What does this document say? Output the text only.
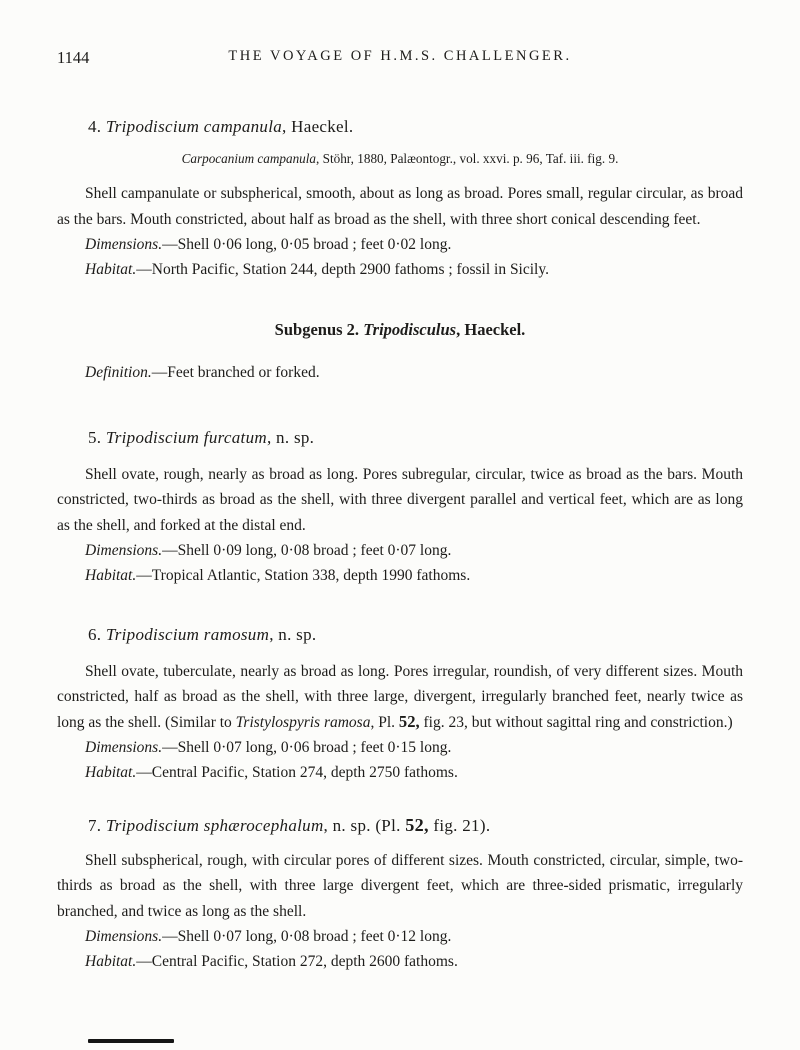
1144	THE VOYAGE OF H.M.S. CHALLENGER.
4. Tripodiscium campanula, Haeckel.

Carpocanium campanula, Stöhr, 1880, Palæontogr., vol. xxvi. p. 96, Taf. iii. fig. 9.

Shell campanulate or subspherical, smooth, about as long as broad. Pores small, regular circular, as broad as the bars. Mouth constricted, about half as broad as the shell, with three short conical descending feet.

Dimensions.—Shell 0·06 long, 0·05 broad ; feet 0·02 long.

Habitat.—North Pacific, Station 244, depth 2900 fathoms ; fossil in Sicily.

Subgenus 2. Tripodisculus, Haeckel.

Definition.—Feet branched or forked.

5. Tripodiscium furcatum, n. sp.

Shell ovate, rough, nearly as broad as long. Pores subregular, circular, twice as broad as the bars. Mouth constricted, two-thirds as broad as the shell, with three divergent parallel and vertical feet, which are as long as the shell, and forked at the distal end.

Dimensions.—Shell 0·09 long, 0·08 broad ; feet 0·07 long.

Habitat.—Tropical Atlantic, Station 338, depth 1990 fathoms.

6. Tripodiscium ramosum, n. sp.

Shell ovate, tuberculate, nearly as broad as long. Pores irregular, roundish, of very different sizes. Mouth constricted, half as broad as the shell, with three large, divergent, irregularly branched feet, nearly twice as long as the shell. (Similar to Tristylospyris ramosa, Pl. 52, fig. 23, but without sagittal ring and constriction.)

Dimensions.—Shell 0·07 long, 0·06 broad ; feet 0·15 long.

Habitat.—Central Pacific, Station 274, depth 2750 fathoms.

7. Tripodiscium sphærocephalum, n. sp. (Pl. 52, fig. 21).

Shell subspherical, rough, with circular pores of different sizes. Mouth constricted, circular, simple, two-thirds as broad as the shell, with three large divergent feet, which are three-sided prismatic, irregularly branched, and twice as long as the shell.

Dimensions.—Shell 0·07 long, 0·08 broad ; feet 0·12 long.

Habitat.—Central Pacific, Station 272, depth 2600 fathoms.
